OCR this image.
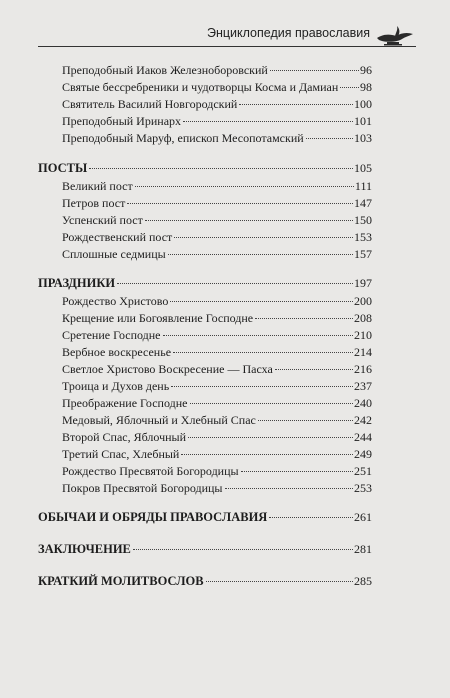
Энциклопедия православия
Преподобный Иаков Железноборовский	96
Святые бессребреники и чудотворцы Косма и Дамиан 98
Святитель Василий Новгородский	100
Преподобный Иринарх	101
Преподобный Маруф, епископ Месопотамский	103
ПОСТЫ	105
Великий пост	111
Петров пост	147
Успенский пост	150
Рождественский пост	153
Сплошные седмицы	157
ПРАЗДНИКИ	197
Рождество Христово	200
Крещение или Богоявление Господне	208
Сретение Господне	210
Вербное воскресенье	214
Светлое Христово Воскресение — Пасха	216
Троица и Духов день	237
Преображение Господне	240
Медовый, Яблочный и Хлебный Спас	242
Второй Спас, Яблочный	244
Третий Спас, Хлебный	249
Рождество Пресвятой Богородицы	251
Покров Пресвятой Богородицы	253
ОБЫЧАИ И ОБРЯДЫ ПРАВОСЛАВИЯ	261
ЗАКЛЮЧЕНИЕ	281
КРАТКИЙ МОЛИТВОСЛОВ	285
